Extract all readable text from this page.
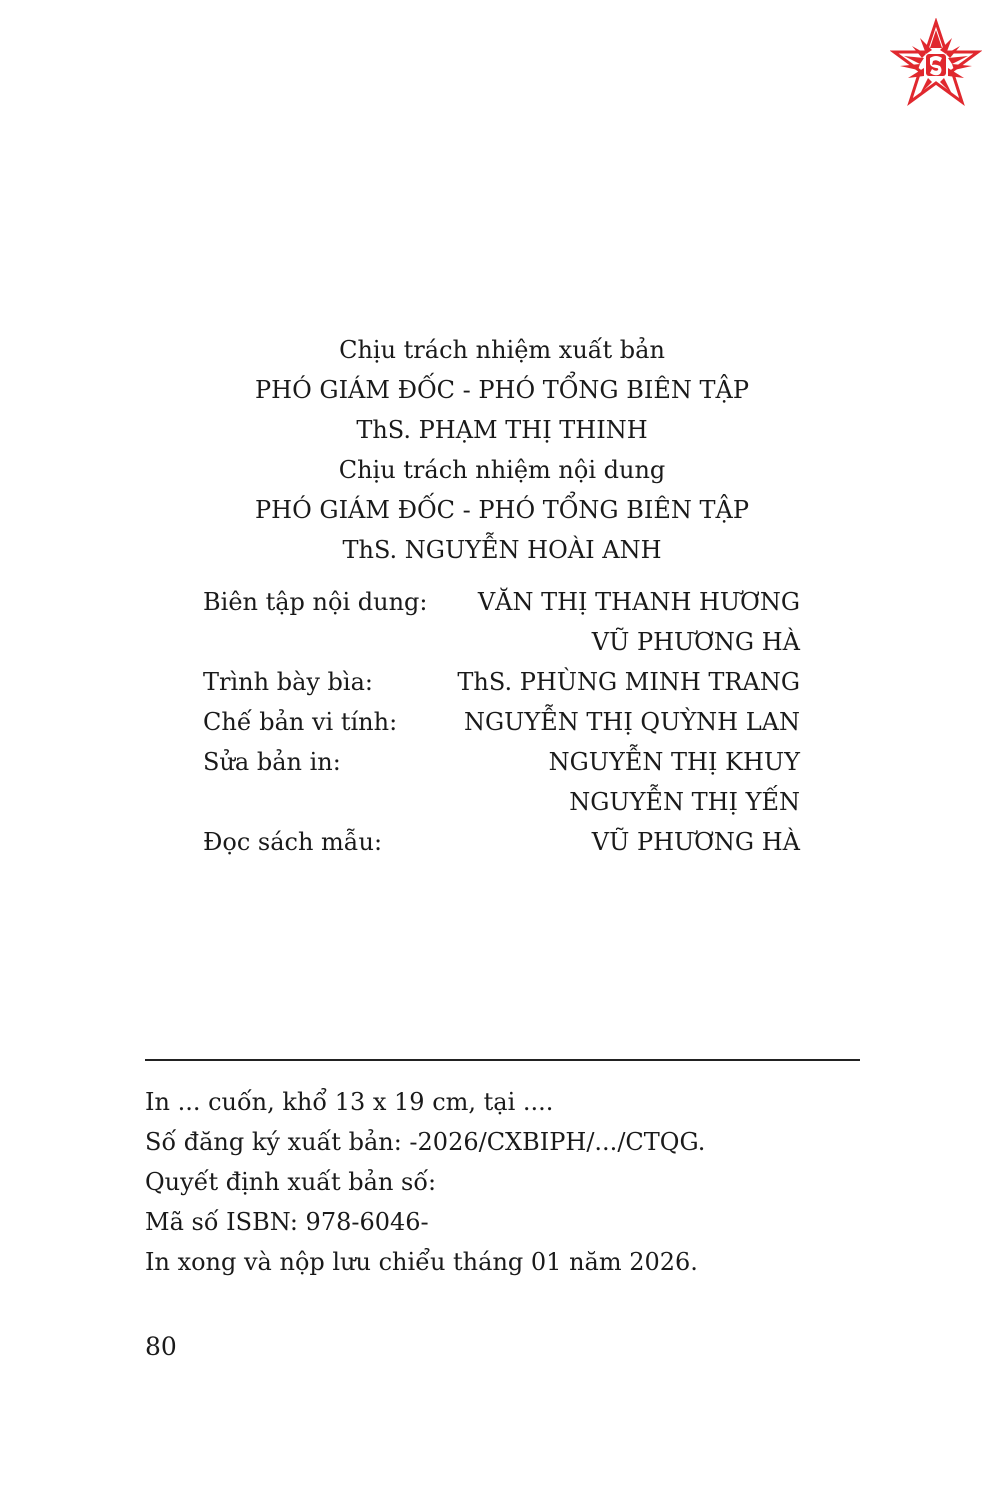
Chịu trách nhiệm xuất bản
PHÓ GIÁM ĐỐC - PHÓ TỔNG BIÊN TẬP
ThS. PHẠM THỊ THINH
Chịu trách nhiệm nội dung
PHÓ GIÁM ĐỐC - PHÓ TỔNG BIÊN TẬP
ThS. NGUYỄN HOÀI ANH
Biên tập nội dung: VĂN THỊ THANH HƯƠNG
VŨ PHƯƠNG HÀ
Trình bày bìa:	ThS. PHÙNG MINH TRANG
Chế bản vi tính:	NGUYỄN THỊ QUỲNH LAN
Sửa bản in:	NGUYỄN THỊ KHUY
NGUYỄN THỊ YẾN
Đọc sách mẫu:	VŨ PHƯƠNG HÀ
In ... cuốn, khổ 13 x 19 cm, tại ....
Số đăng ký xuất bản: -2026/CXBIPH/.../CTQG.
Quyết định xuất bản số:
Mã số ISBN: 978-6046-
In xong và nộp lưu chiểu tháng 01 năm 2026.
80
